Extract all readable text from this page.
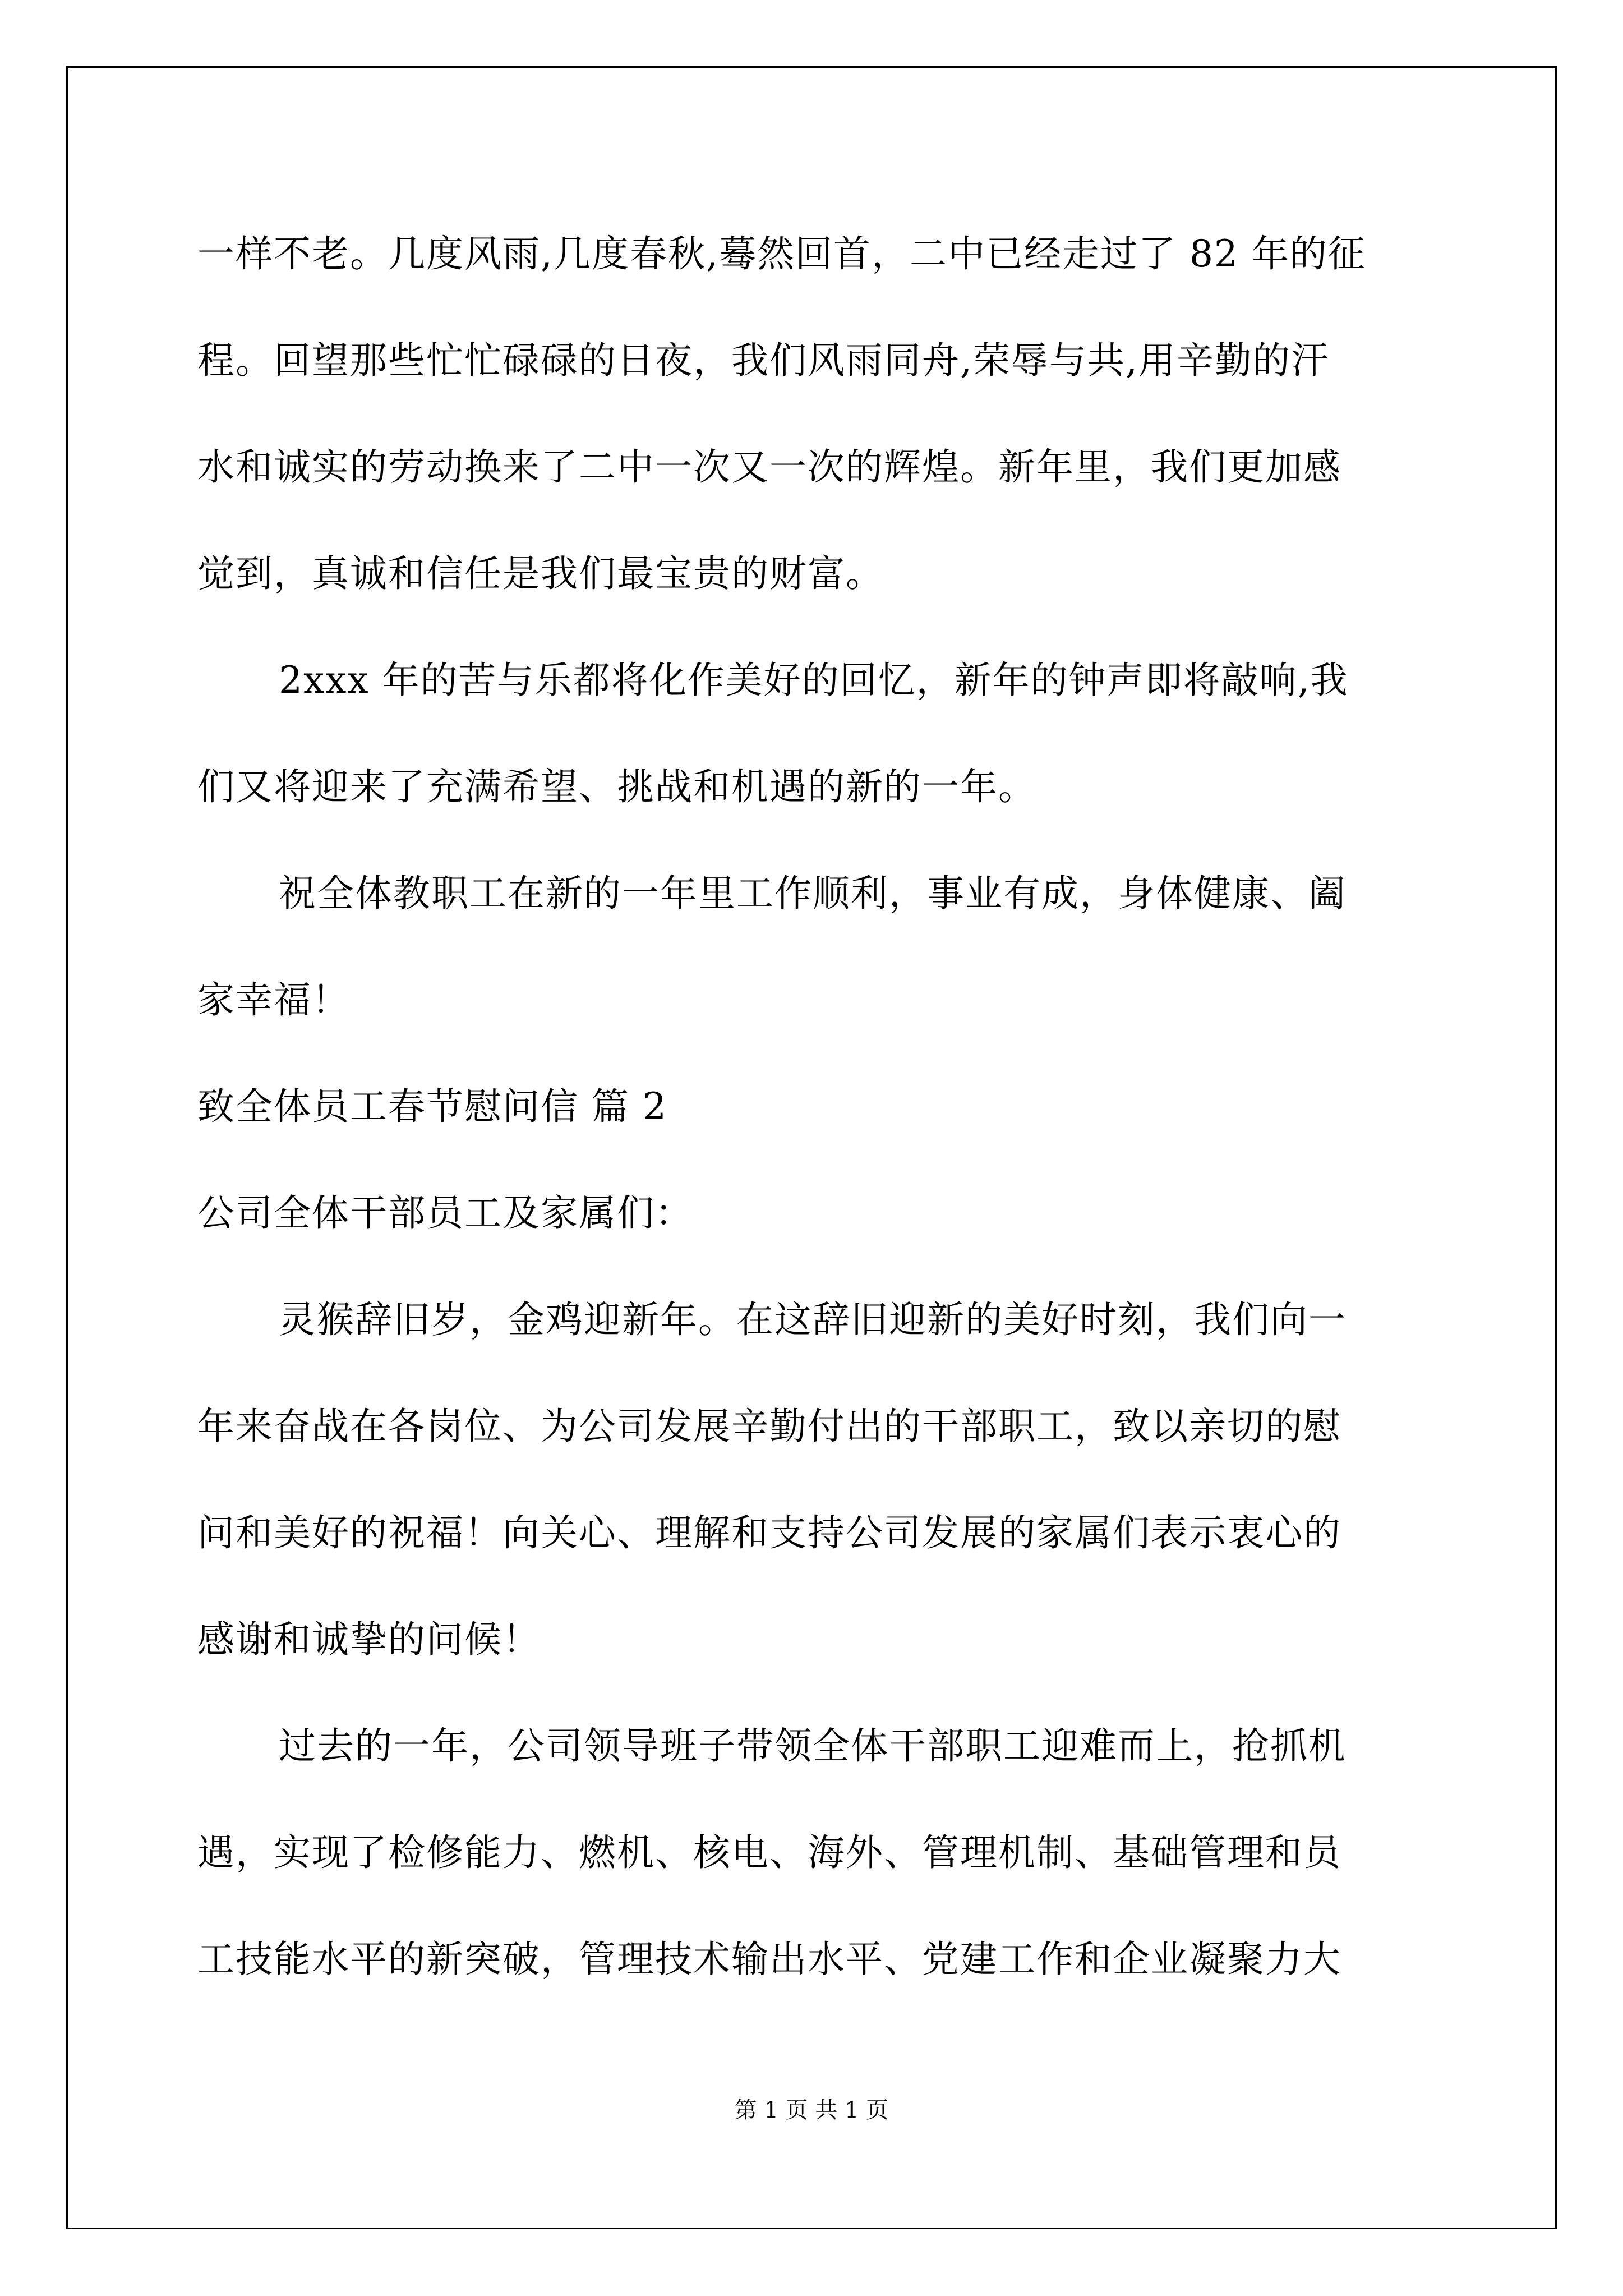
一样不老。几度风雨,几度春秋,蓦然回首，二中已经走过了 82 年的征
程。回望那些忙忙碌碌的日夜，我们风雨同舟,荣辱与共,用辛勤的汗
水和诚实的劳动换来了二中一次又一次的辉煌。新年里，我们更加感
觉到，真诚和信任是我们最宝贵的财富。
2xxx 年的苦与乐都将化作美好的回忆，新年的钟声即将敲响,我
们又将迎来了充满希望、挑战和机遇的新的一年。
祝全体教职工在新的一年里工作顺利，事业有成，身体健康、阖
家幸福！
致全体员工春节慰问信 篇 2
公司全体干部员工及家属们：
灵猴辞旧岁，金鸡迎新年。在这辞旧迎新的美好时刻，我们向一
年来奋战在各岗位、为公司发展辛勤付出的干部职工，致以亲切的慰
问和美好的祝福！向关心、理解和支持公司发展的家属们表示衷心的
感谢和诚挚的问候！
过去的一年，公司领导班子带领全体干部职工迎难而上，抢抓机
遇，实现了检修能力、燃机、核电、海外、管理机制、基础管理和员
工技能水平的新突破，管理技术输出水平、党建工作和企业凝聚力大
第 1 页 共 1 页
